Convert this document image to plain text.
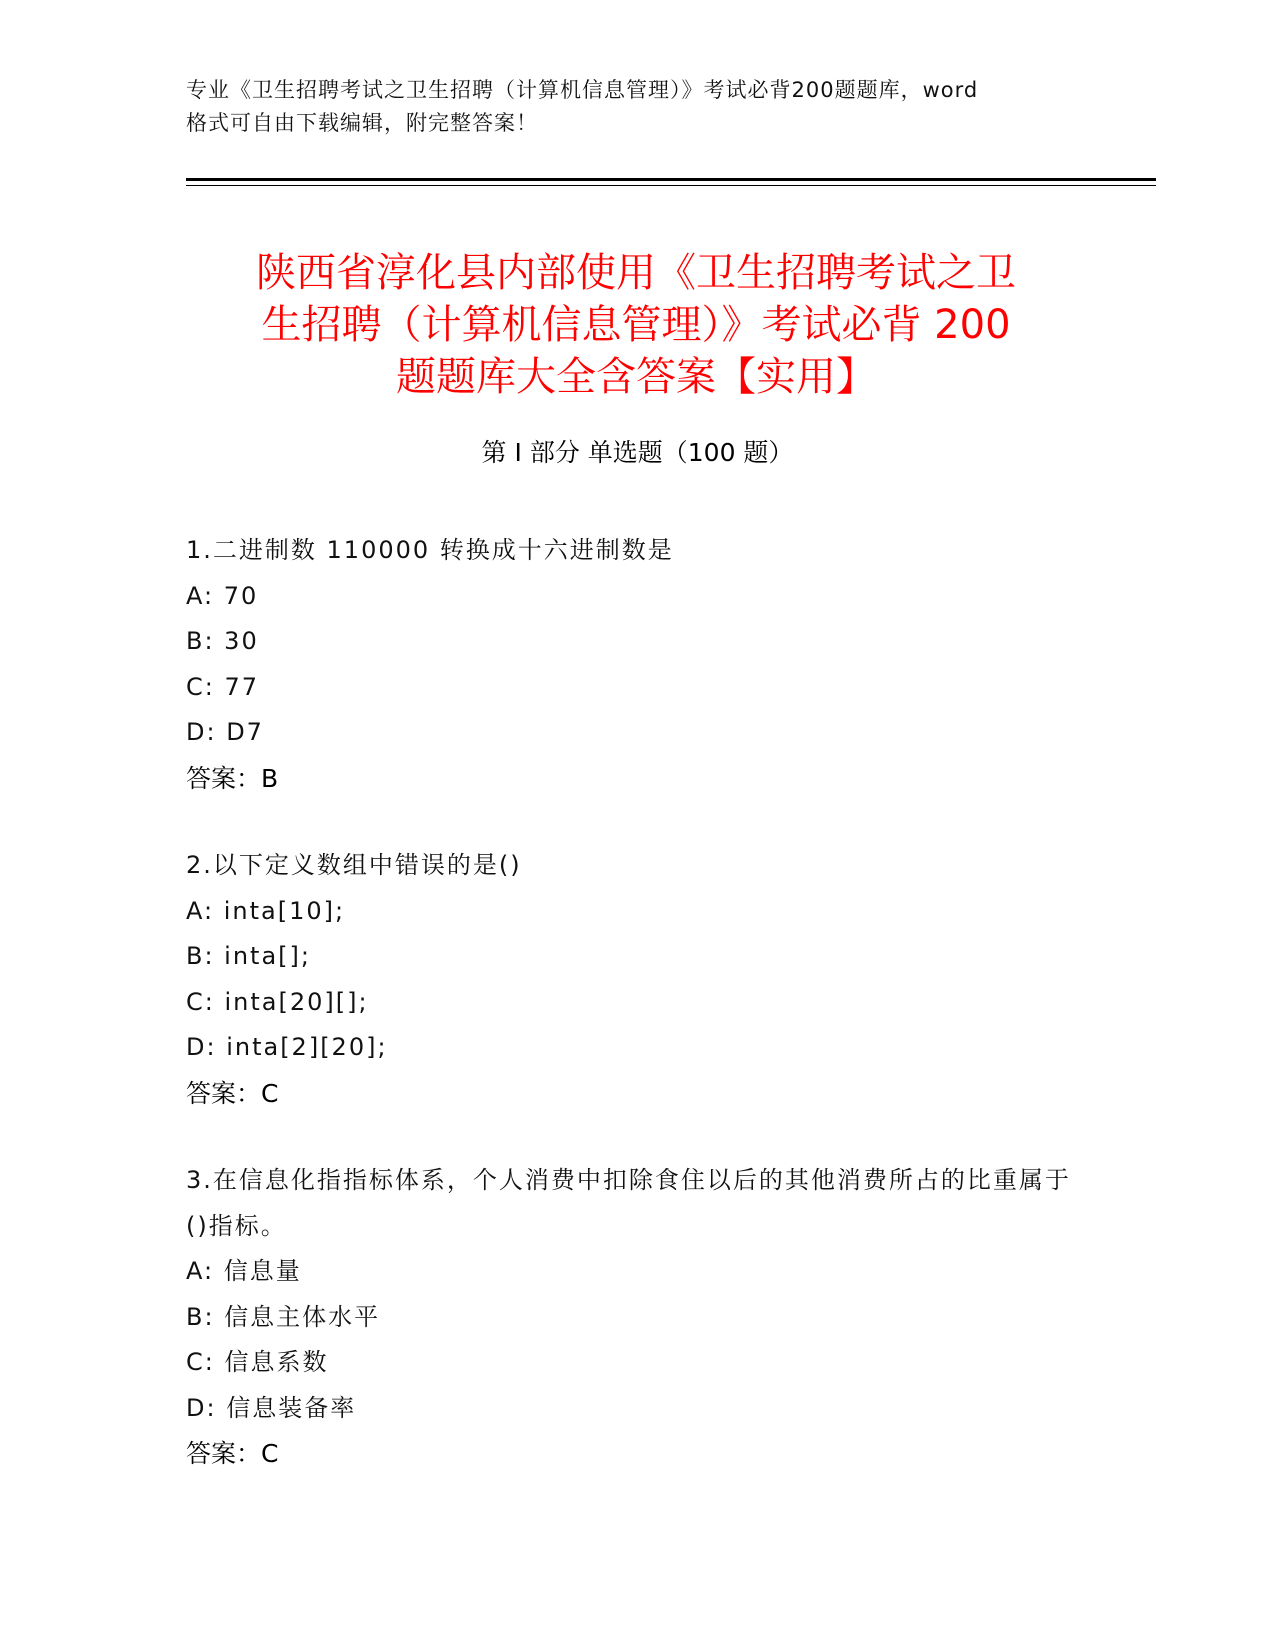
专业《卫生招聘考试之卫生招聘（计算机信息管理）》考试必背200题题库，word
格式可自由下载编辑，附完整答案！
陕西省淳化县内部使用《卫生招聘考试之卫
生招聘（计算机信息管理）》考试必背 200
题题库大全含答案【实用】
第 I 部分 单选题（100 题）
1.二进制数 110000 转换成十六进制数是
A: 70
B: 30
C: 77
D: D7
答案：B
2.以下定义数组中错误的是()
A: inta[10];
B: inta[];
C: inta[20][];
D: inta[2][20];
答案：C
3.在信息化指指标体系，个人消费中扣除食住以后的其他消费所占的比重属于()指标。
A: 信息量
B: 信息主体水平
C: 信息系数
D: 信息装备率
答案：C
